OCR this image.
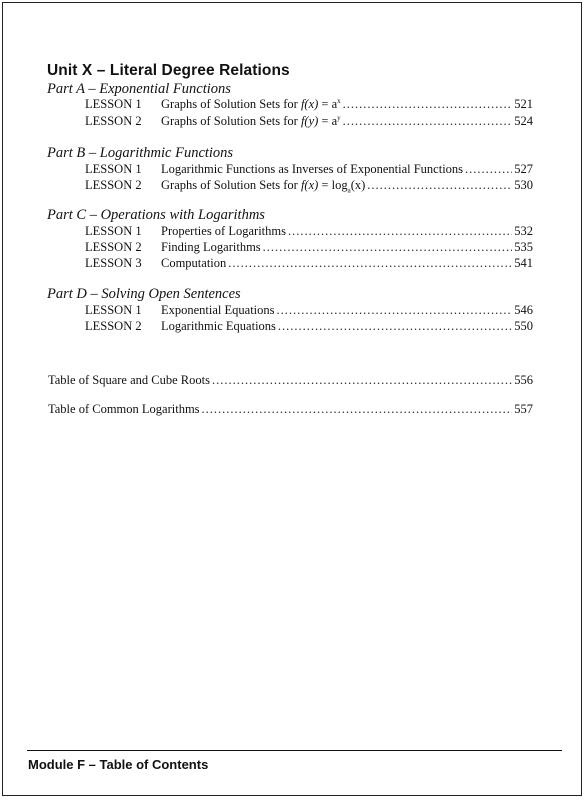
Unit X – Literal Degree Relations
Part A – Exponential Functions
LESSON 1	Graphs of Solution Sets for $f(x) = a^x$ .....	521
LESSON 2	Graphs of Solution Sets for $f(y) = a^y$ .....	524
Part B – Logarithmic Functions
LESSON 1	Logarithmic Functions as Inverses of Exponential Functions .....	527
LESSON 2	Graphs of Solution Sets for $f(x) = \log_a(x)$ .....	530
Part C – Operations with Logarithms
LESSON 1	Properties of Logarithms .....	532
LESSON 2	Finding Logarithms .....	535
LESSON 3	Computation .....	541
Part D – Solving Open Sentences
LESSON 1	Exponential Equations .....	546
LESSON 2	Logarithmic Equations .....	550
Table of Square and Cube Roots .....	556
Table of Common Logarithms .....	557
Module F – Table of Contents
